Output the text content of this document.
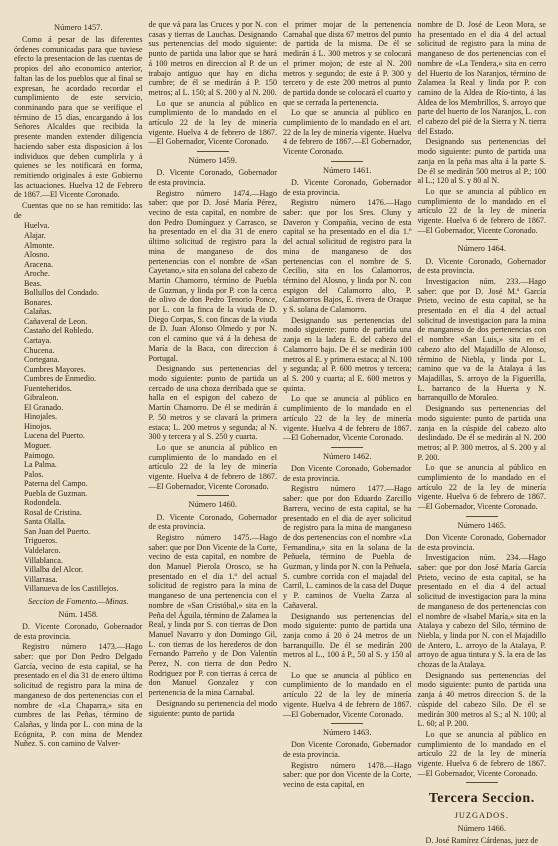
Número 1457.

Como á pesar de las diferentes órdenes comunicadas para que tuviese efecto la presentacion de las cuentas de propios del año economico anterior, faltan las de los pueblos que al final se expresan, he acordado recordar el cumplimiento de este servicio, conminando para que se verifique el término de 15 días, encargando á los Señores Alcaldes que recibida la presente manden extender diligencia haciendo saber esta disposicion á los individuos que deben cumplirla y á quienes se les notificará en forma, remitiendo originales á este Gobierno las actuaciones. Huelva 12 de Febrero de 1867.—El Vicente Coronado.

Cuentas que no se han remitido: las de

Huelva.
Alajar.
Almonte.
Alosno.
Aracena.
Aroche.
Beas.
Bollullos del Condado.
Bonares.
Calañas.
Cañaveral de Leon.
Castaño del Robledo.
Cartaya.
Chucena.
Cortegana.
Cumbres Mayores.
Cumbres de Enmedio.
Fuenteheridos.
Gibraleon.
El Granado.
Hinojales.
Hinojos.
Lucena del Puerto.
Moguer.
Paimogo.
La Palma.
Palos.
Paterna del Campo.
Puebla de Guzman.
Rodondela.
Rosal de Cristina.
Santa Olalla.
San Juan del Puerto.
Trigueros.
Valdelarco.
Villablanca.
Villalba del Alcor.
Villarrasa.
Villanueva de los Castillejos.
Seccion de Fomento.—Minas.
Núm. 1458.

D. Vicente Coronado, Gobernador de esta provincia.

Registro número 1473.—Hago saber: que por Don Pedro Delgado García, vecino de esta capital, se ha presentado en el dia 31 de enero último solicitud de registro para la mina de manganeso de dos pertenencias con el nombre de «La Chaparra,» sita en cumbres de las Peñas, término de Calañas, y linda por L. con mina de la Ecógnita, P. con mina de Mendez Nuñez. S. con camino de Valver-

de que vá para las Cruces y por N. con casas y tierras de Lauchas. Designando sus pertenencias del modo siguiente: punto de partida una labor que se hará á 100 metros en direccion al P. de un trabajo antiguo que hay en dicha cumbre; de él se medirán á P. 150 metros; al L. 150; al S. 200 y al N. 200.

Lo que se anuncia al público en cumplimiento de lo mandado en el artículo 22 de la ley de minería vigente. Huelva 4 de febrero de 1867.—El Gobernador, Vicente Coronado.

Número 1459.

D. Vicente Coronado, Gobernador de esta provincia.

Registro número 1474.—Hago saber: que por D. José María Pérez, vecino de esta capital, en nombre de don Pedro Domínguez y Carrasco, se ha presentado en el dia 31 de enero último solicitud de registro para la mina de manganeso de dos pertenencias con el nombre de «San Cayetano,» sita en solana del cabezo de Martin Chamorro, término de Puebla de Guzman, y linda por P. con la cerca de olivo de don Pedro Tenorio Ponce, por L. con la finca de la viuda de D. Diego Corpas, S. con fincas de la viuda de D. Juan Alonso Olmedo y por N. con el camino que vá á la dehesa de María de la Baca, con direccion á Portugal.

Designando sus pertenencias del modo siguiente: punto de partida un cercado de una choza derribada que se halla en el espigon del cabezo de Martin Chamorro. De él se medirán á P. 50 metros y se clavará la primera estaca; L. 200 metros y segunda; al N. 300 y tercera y al S. 250 y cuarta.

Lo que se anuncia al público en cumplimiento de lo mandado en el artículo 22 de la ley de minería vigente. Huelva 4 de febrero de 1867.—El Gobernador, Vicente Coronado.

Número 1460.

D. Vicente Coronado, Gobernador de esta provincia.

Registro número 1475.—Hago saber: que por Don Vicente de la Corte, vecino de esta capital, en nombre de don Manuel Pierola Orosco, se ha presentado en el dia 1.º del actual solicitud de registro para la mina de manganeso de una pertenencia con el nombre de «San Cristóbal,» sita en la Peña del Águila, término de Zalamea la Real, y linda por S. con tierras de Don Manuel Navarro y don Domingo Gil, L. con tierras de los herederos de don Fernando Parreño y de Don Valentín Perez, N. con tierra de don Pedro Rodriguez por P. con tierras á cerca de don Manuel Gonzalez y con pertenencia de la mina Carnabal.

Designando su pertenencia del modo siguiente: punto de partida

el primer mojar de la pertenencia Carnabal que dista 67 metros del punto de partida de la misma. De él se medirán á L. 300 metros y se colocará el primer mojon; de este al N. 200 metros y segundo; de este á P. 300 y tercero y de este 200 metros al punto de partida donde se colocará el cuarto y que se cerrada la pertenencia.

Lo que se anuncia al público en cumplimiento de lo mandado en el art. 22 de la ley de minería vigente. Huelva 4 de febrero de 1867.—El Gobernador, Vicente Coronado.

Número 1461.

D. Vicente Coronado, Gobernador de esta provincia.

Registro número 1476.—Hago saber: que por los Sres. Cluny y Daveron y Compañia, vecino de esta capital se ha presentado en el dia 1.º del actual solicitud de registro para la mina de manganeso de dos pertenencias con el nombre de S. Cecilio, sita en los Calamorros, término del Alosno, y linda por N. con espigon del Calamorro alto, P. Calamorros Bajos, E. rivera de Oraque y S. solana de Calamorro.

Designando sus pertenencias del modo siguiente: punto de partida una zanja en la ladera E. del cabezo del Calamorro bajo. De él se medirán 100 metros al E. y primera estaca; al N. 100 y segunda; al P. 600 metros y tercera; al S. 200 y cuarta; al E. 600 metros y quinta.

Lo que se anuncia al público en cumplimiento de lo mandado en el artículo 22 de la ley de minería vigente. Huelva 4 de febrero de 1867.—El Gobernador, Vicente Coronado.

Número 1462.

Don Vicente Coronado, Gobernador de esta provincia.

Registro número 1477.—Hago saber: que por don Eduardo Zarcillo Barrera, vecino de esta capital, se ha presentado en el dia de ayer solicitud de registro para la mina de manganeso de dos pertenencias con el nombre «La Fernandina,» sita en la solana de la Peñuela, término de Puebla de Guzman, y linda por N. con la Peñuela, S. cumbre corrida con el majadal del Carril, L. caminos de la casa del Duque y P. caminos de Vuelta Zarza al Cañaveral.

Designando sus pertenencias del modo siguiente: punto de partida una zanja como á 20 ó 24 metros de un barranquillo. De él se medirán 200 metros al L., 100 á P., 50 al S. y 150 al N.

Lo que se anuncia al público en cumplimiento de lo mandado en el artículo 22 de la ley de minería vigente. Huelva 4 de febrero de 1867.—El Gobernador, Vicente Coronado.

Número 1463.

Don Vicente Coronado, Gobernador de esta provincia.

Registro número 1478.—Hago saber: que por don Vicente de la Corte, vecino de esta capital, en

nombre de D. José de Leon Mora, se ha presentado en el dia 4 del actual solicitud de registro para la mina de manganeso de dos pertenencias con el nombre de «La Tendera,» sita en cerro del Huerto de los Naranjos, término de Zalamea la Real y linda por P. con camino de la Aldea de Río-tinto, á las Aldea de los Membrillos, S. arroyo que parte del huerto de los Naranjos, L. con el cabezo del pié de la Sierra y N. tierra del Estado.

Designando sus pertenencias del modo siguiente: punto de partida una zanja en la peña mas alta á la parte S. De él se medirán 500 metros al P.; 100 al L.; 120 al S. y 80 al N.

Lo que se anuncia al público en cumplimiento de lo mandado en el artículo 22 de la ley de minería vigente. Huelva 6 de febrero de 1867.—El Gobernador, Vicente Coronado.

Número 1464.

D. Vicente Coronado, Gobernador de esta provincia.

Investigacion núm. 233.—Hago saber: que por D. José M.ª García Prieto, vecino de esta capital, se ha presentado en el dia 4 del actual solicitud de investigacion para la mina de manganeso de dos pertenencias con el nombre «San Luis,» sita en el cabezo alto del Majadillo de Alonso, término de Niebla, y linda por L. camino que va de la Atalaya á las Majadillas, S. arroyo de la Figuerilla, L. barranco de la Huerta y N. barranquillo de Moraleo.

Designando sus pertenencias del modo siguiente: punto de partida una zanja en la cúspide del cabezo alto deslindado. De él se medirán al N. 200 metros; al P. 300 metros, al S. 200 y al P. 200.

Lo que se anuncia al público en cumplimiento de lo mandado en el artículo 22 de la ley de minería vigente. Huelva 6 de febrero de 1867.—El Gobernador, Vicente Coronado.

Número 1465.

Don Vicente Coronado, Gobernador de esta provincia.

Investigacion núm. 234.—Hago saber: que por don José María García Prieto, vecino de esta capital, se ha presentado en el dia 4 del actual solicitud de investigacion para la mina de manganeso de dos pertenencias con el nombre de «Isabel María,» sita en la Atalaya y cabezo del Silo, término de Niebla, y linda por N. con el Majadillo de Antero, L. arroyo de la Atalaya, P. arroyo de agua tintura y S. la era de las chozas de la Atalaya.

Designando sus pertenencias del modo siguiente: punto de partida una zanja á 40 metros direccion S. de la cúspide del cabezo Silo. De él se medirán 300 metros al S.; al N. 100; al L. 60; al P. 200.

Lo que se anuncia al público en cumplimiento de lo mandado en el artículo 22 de la ley de minería vigente. Huelva 6 de febrero de 1867.—El Gobernador, Vicente Coronado.

Tercera Seccion.
JUZGADOS.
Número 1466.

D. José Ramírez Cárdenas, juez de
